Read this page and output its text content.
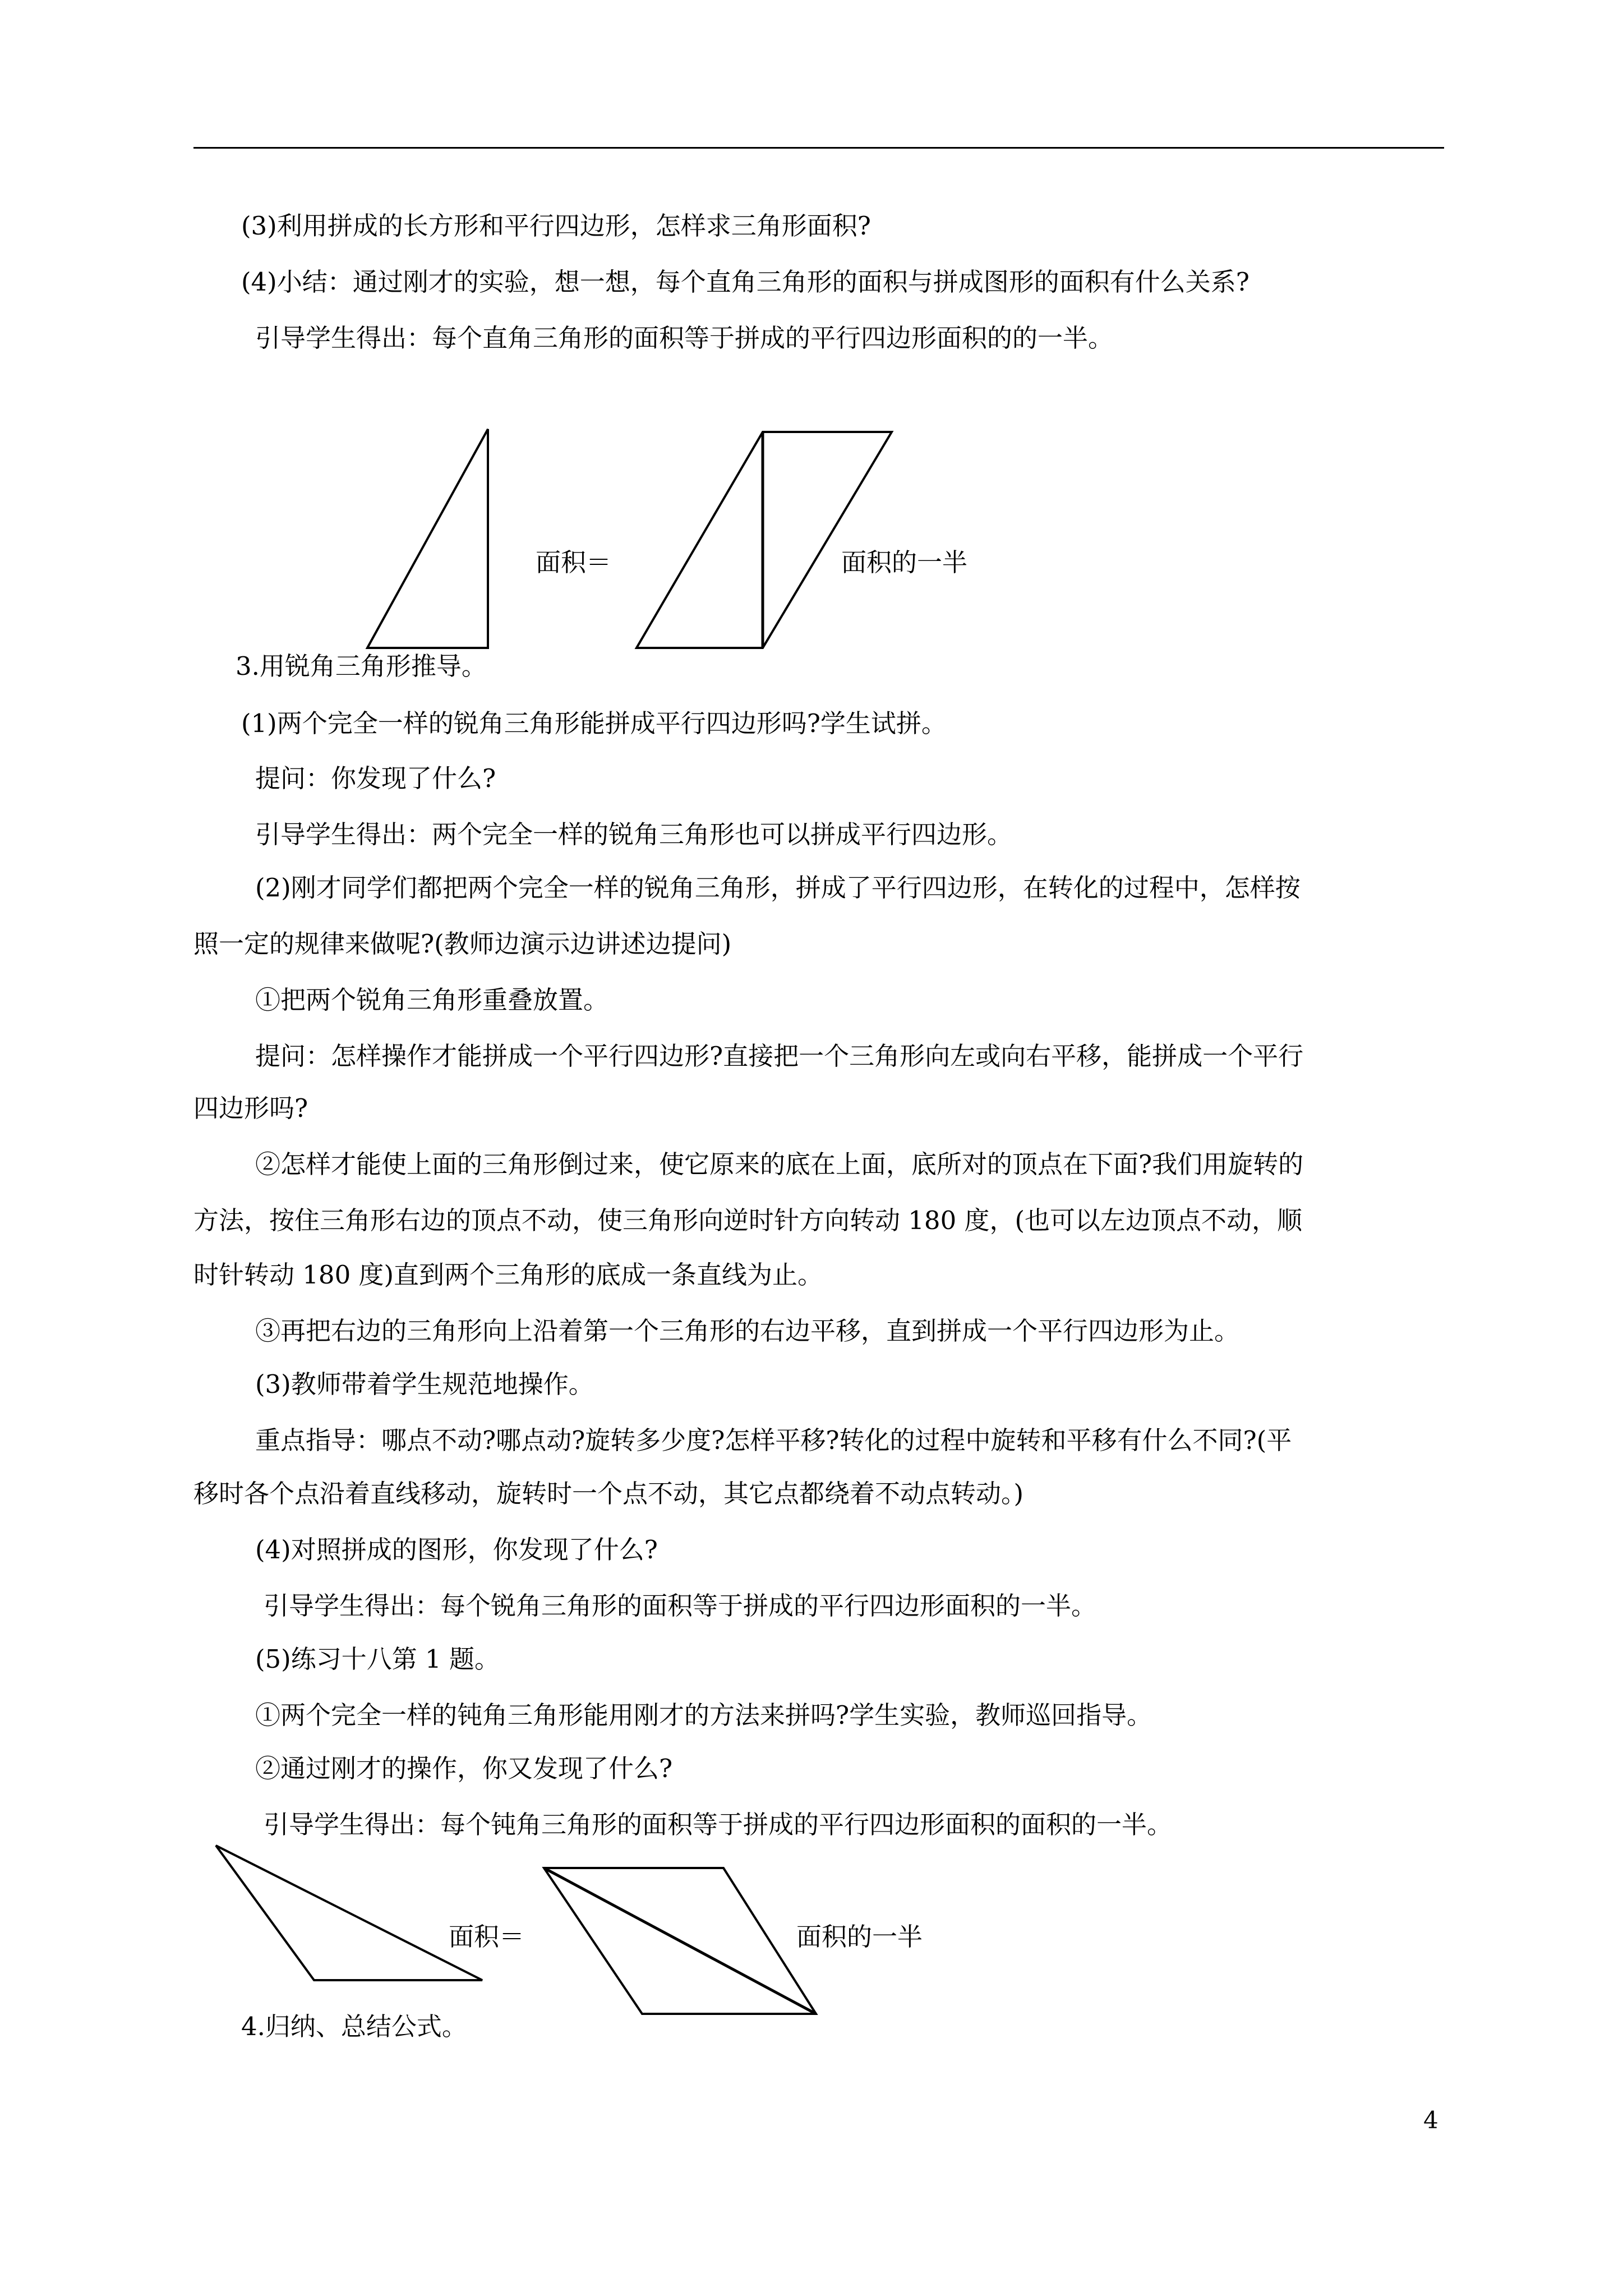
(3)利用拼成的长方形和平行四边形，怎样求三角形面积?
(4)小结：通过刚才的实验，想一想，每个直角三角形的面积与拼成图形的面积有什么关系?
引导学生得出：每个直角三角形的面积等于拼成的平行四边形面积的的一半。
3.用锐角三角形推导。
(1)两个完全一样的锐角三角形能拼成平行四边形吗?学生试拼。
提问：你发现了什么?
引导学生得出：两个完全一样的锐角三角形也可以拼成平行四边形。
(2)刚才同学们都把两个完全一样的锐角三角形，拼成了平行四边形，在转化的过程中，怎样按
照一定的规律来做呢?(教师边演示边讲述边提问)
①把两个锐角三角形重叠放置。
提问：怎样操作才能拼成一个平行四边形?直接把一个三角形向左或向右平移，能拼成一个平行
四边形吗?
②怎样才能使上面的三角形倒过来，使它原来的底在上面，底所对的顶点在下面?我们用旋转的
方法，按住三角形右边的顶点不动，使三角形向逆时针方向转动 180 度，(也可以左边顶点不动，顺
时针转动 180 度)直到两个三角形的底成一条直线为止。
③再把右边的三角形向上沿着第一个三角形的右边平移，直到拼成一个平行四边形为止。
(3)教师带着学生规范地操作。
重点指导：哪点不动?哪点动?旋转多少度?怎样平移?转化的过程中旋转和平移有什么不同?(平
移时各个点沿着直线移动，旋转时一个点不动，其它点都绕着不动点转动。)
(4)对照拼成的图形，你发现了什么?
引导学生得出：每个锐角三角形的面积等于拼成的平行四边形面积的一半。
(5)练习十八第 1 题。
①两个完全一样的钝角三角形能用刚才的方法来拼吗?学生实验，教师巡回指导。
②通过刚才的操作，你又发现了什么?
引导学生得出：每个钝角三角形的面积等于拼成的平行四边形面积的面积的一半。
4.归纳、总结公式。
面积＝	面积的一半
面积＝	面积的一半
4
